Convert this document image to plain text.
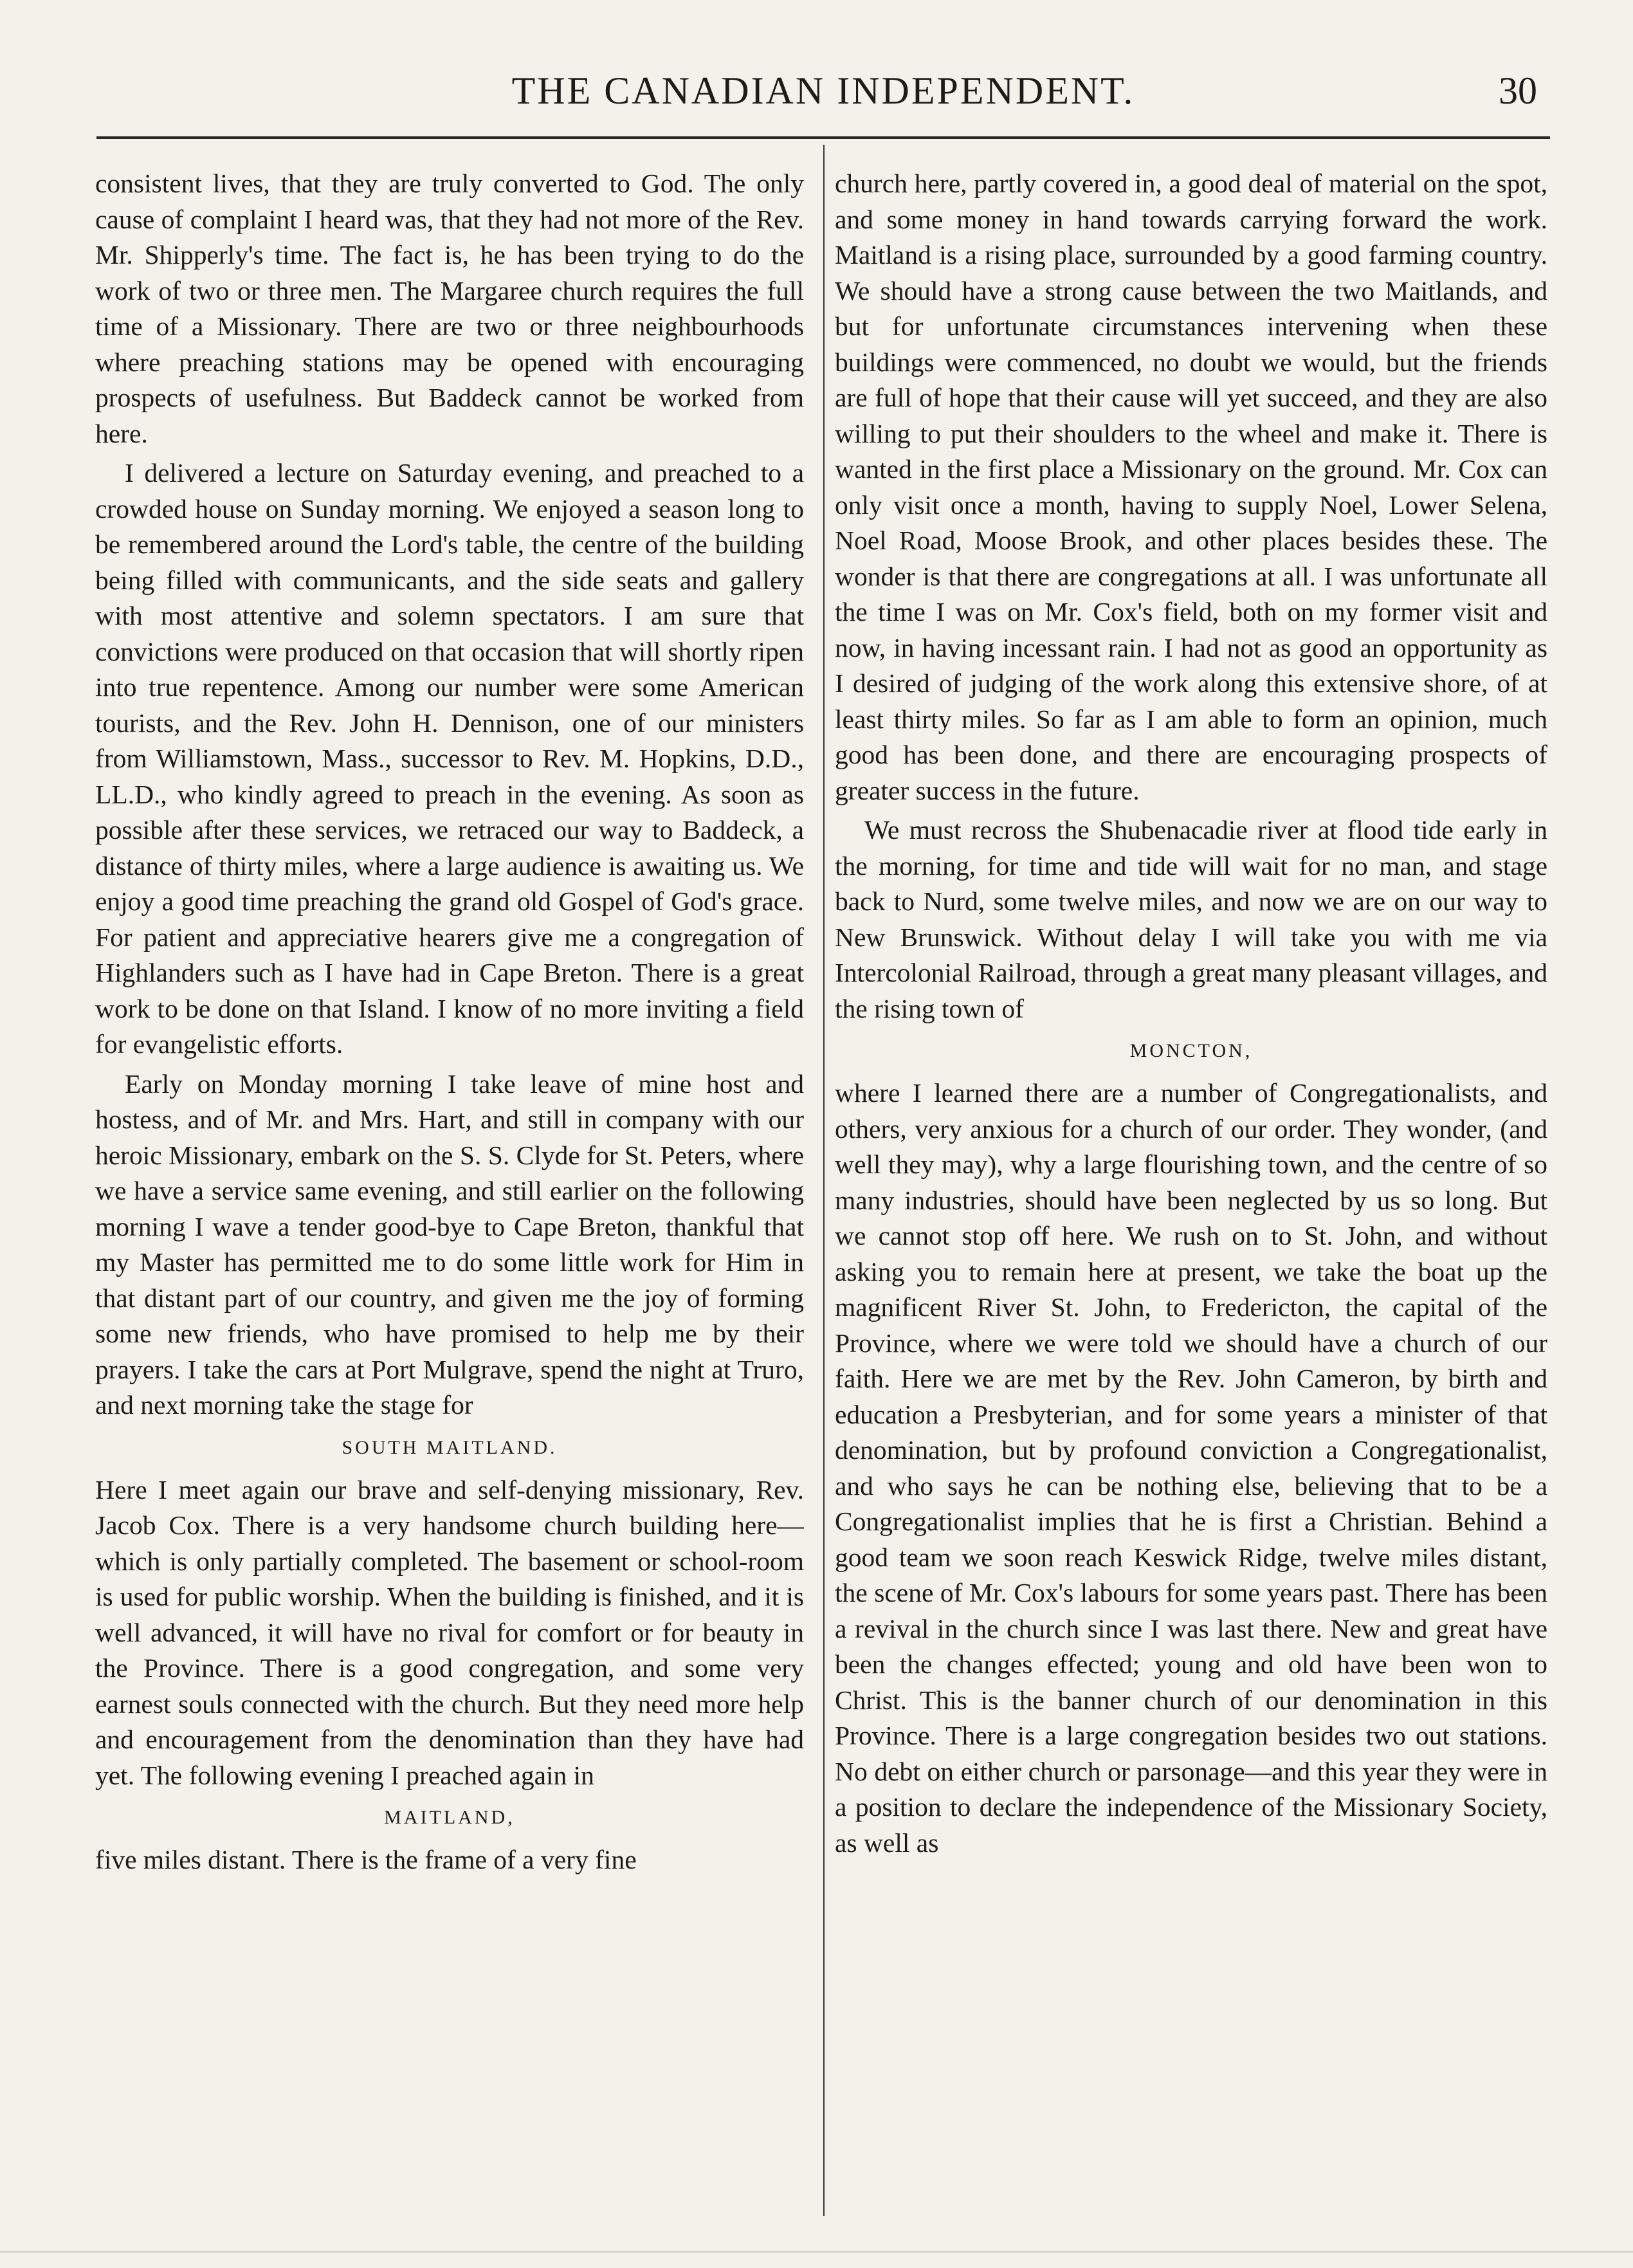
THE CANADIAN INDEPENDENT.	30

consistent lives, that they are truly converted to God. The only cause of complaint I heard was, that they had not more of the Rev. Mr. Shipperly's time. The fact is, he has been trying to do the work of two or three men. The Margaree church requires the full time of a Missionary. There are two or three neighbourhoods where preaching stations may be opened with encouraging prospects of usefulness. But Baddeck cannot be worked from here.

I delivered a lecture on Saturday evening, and preached to a crowded house on Sunday morning. We enjoyed a season long to be remembered around the Lord's table, the centre of the building being filled with communicants, and the side seats and gallery with most attentive and solemn spectators. I am sure that convictions were produced on that occasion that will shortly ripen into true repentence. Among our number were some American tourists, and the Rev. John H. Dennison, one of our ministers from Williamstown, Mass., successor to Rev. M. Hopkins, D.D., LL.D., who kindly agreed to preach in the evening. As soon as possible after these services, we retraced our way to Baddeck, a distance of thirty miles, where a large audience is awaiting us. We enjoy a good time preaching the grand old Gospel of God's grace. For patient and appreciative hearers give me a congregation of Highlanders such as I have had in Cape Breton. There is a great work to be done on that Island. I know of no more inviting a field for evangelistic efforts.

Early on Monday morning I take leave of mine host and hostess, and of Mr. and Mrs. Hart, and still in company with our heroic Missionary, embark on the S. S. Clyde for St. Peters, where we have a service same evening, and still earlier on the following morning I wave a tender good-bye to Cape Breton, thankful that my Master has permitted me to do some little work for Him in that distant part of our country, and given me the joy of forming some new friends, who have promised to help me by their prayers. I take the cars at Port Mulgrave, spend the night at Truro, and next morning take the stage for

SOUTH MAITLAND.

Here I meet again our brave and self-denying missionary, Rev. Jacob Cox. There is a very handsome church building here—which is only partially completed. The basement or school-room is used for public worship. When the building is finished, and it is well advanced, it will have no rival for comfort or for beauty in the Province. There is a good congregation, and some very earnest souls connected with the church. But they need more help and encouragement from the denomination than they have had yet. The following evening I preached again in

MAITLAND,

five miles distant. There is the frame of a very fine

church here, partly covered in, a good deal of material on the spot, and some money in hand towards carrying forward the work. Maitland is a rising place, surrounded by a good farming country. We should have a strong cause between the two Maitlands, and but for unfortunate circumstances intervening when these buildings were commenced, no doubt we would, but the friends are full of hope that their cause will yet succeed, and they are also willing to put their shoulders to the wheel and make it. There is wanted in the first place a Missionary on the ground. Mr. Cox can only visit once a month, having to supply Noel, Lower Selena, Noel Road, Moose Brook, and other places besides these. The wonder is that there are congregations at all. I was unfortunate all the time I was on Mr. Cox's field, both on my former visit and now, in having incessant rain. I had not as good an opportunity as I desired of judging of the work along this extensive shore, of at least thirty miles. So far as I am able to form an opinion, much good has been done, and there are encouraging prospects of greater success in the future.

We must recross the Shubenacadie river at flood tide early in the morning, for time and tide will wait for no man, and stage back to Nurd, some twelve miles, and now we are on our way to New Brunswick. Without delay I will take you with me via Intercolonial Railroad, through a great many pleasant villages, and the rising town of

MONCTON,

where I learned there are a number of Congregationalists, and others, very anxious for a church of our order. They wonder, (and well they may), why a large flourishing town, and the centre of so many industries, should have been neglected by us so long. But we cannot stop off here. We rush on to St. John, and without asking you to remain here at present, we take the boat up the magnificent River St. John, to Fredericton, the capital of the Province, where we were told we should have a church of our faith. Here we are met by the Rev. John Cameron, by birth and education a Presbyterian, and for some years a minister of that denomination, but by profound conviction a Congregationalist, and who says he can be nothing else, believing that to be a Congregationalist implies that he is first a Christian. Behind a good team we soon reach Keswick Ridge, twelve miles distant, the scene of Mr. Cox's labours for some years past. There has been a revival in the church since I was last there. New and great have been the changes effected; young and old have been won to Christ. This is the banner church of our denomination in this Province. There is a large congregation besides two out stations. No debt on either church or parsonage—and this year they were in a position to declare the independence of the Missionary Society, as well as
